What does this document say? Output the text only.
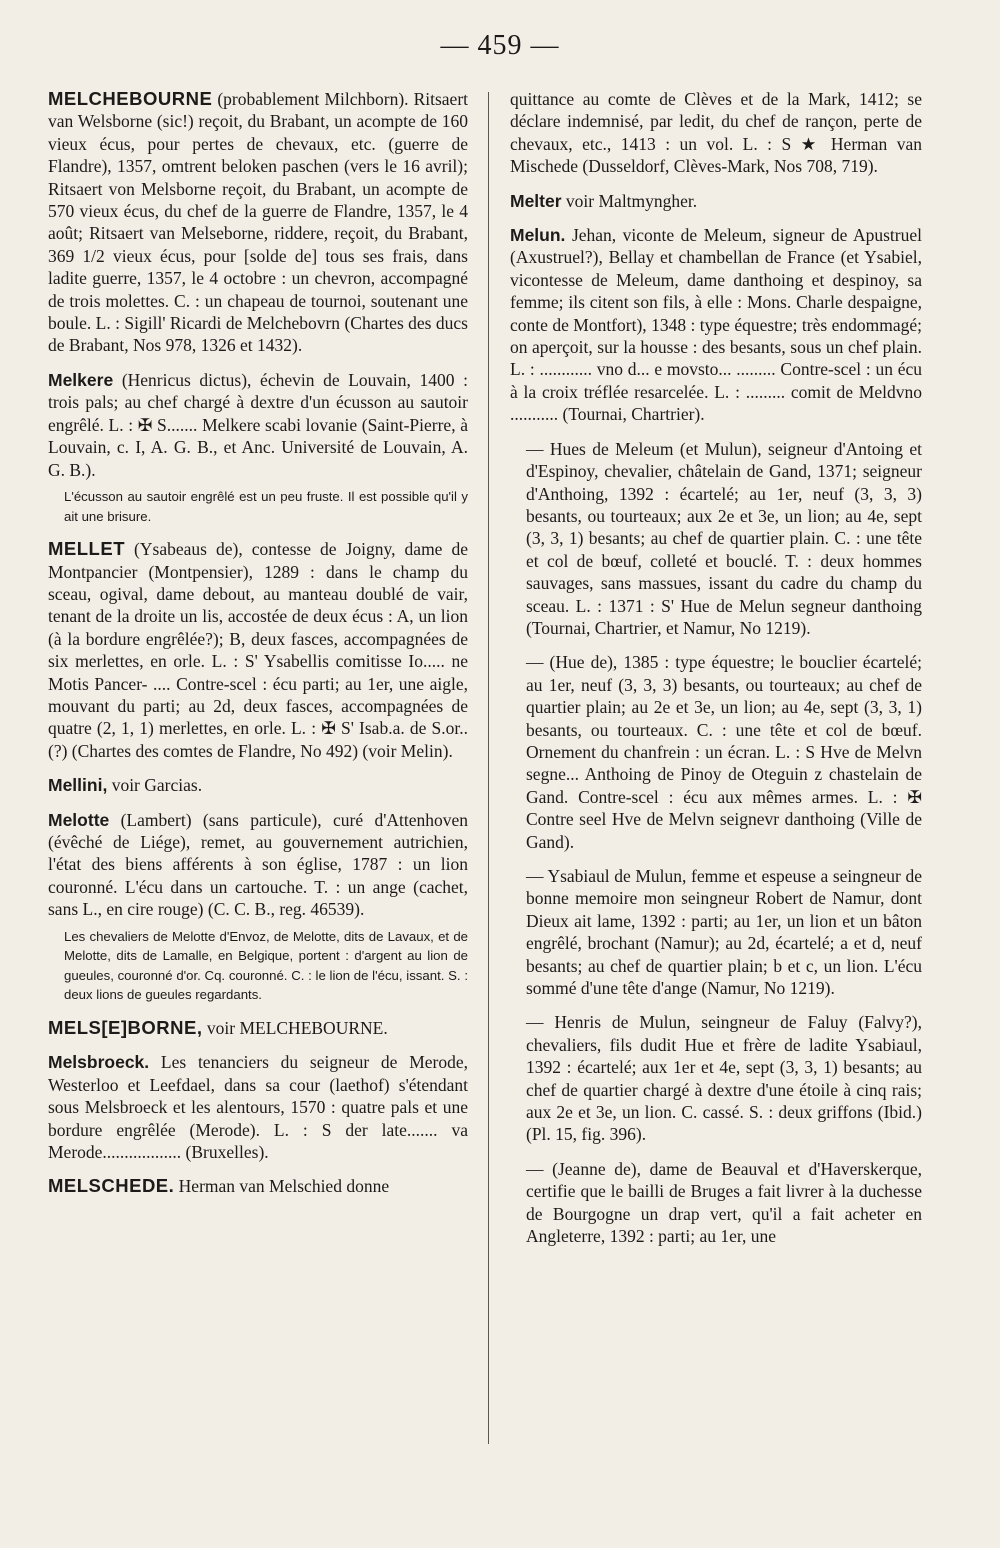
— 459 —

MELCHEBOURNE (probablement Milchborn). Ritsaert van Welsborne (sic!) reçoit, du Brabant, un acompte de 160 vieux écus, pour pertes de chevaux, etc. (guerre de Flandre), 1357, omtrent beloken paschen (vers le 16 avril); Ritsaert von Melsborne reçoit, du Brabant, un acompte de 570 vieux écus, du chef de la guerre de Flandre, 1357, le 4 août; Ritsaert van Melseborne, riddere, reçoit, du Brabant, 369 1/2 vieux écus, pour [solde de] tous ses frais, dans ladite guerre, 1357, le 4 octobre : un chevron, accompagné de trois molettes. C. : un chapeau de tournoi, soutenant une boule. L. : Sigill' Ricardi de Melchebovrn (Chartes des ducs de Brabant, Nos 978, 1326 et 1432).

Melkere (Henricus dictus), échevin de Louvain, 1400 : trois pals; au chef chargé à dextre d'un écusson au sautoir engrêlé. L. : ✠ S....... Melkere scabi lovanie (Saint-Pierre, à Louvain, c. I, A. G. B., et Anc. Université de Louvain, A. G. B.).

L'écusson au sautoir engrêlé est un peu fruste. Il est possible qu'il y ait une brisure.

MELLET (Ysabeaus de), contesse de Joigny, dame de Montpancier (Montpensier), 1289 : dans le champ du sceau, ogival, dame debout, au manteau doublé de vair, tenant de la droite un lis, accostée de deux écus : A, un lion (à la bordure engrêlée?); B, deux fasces, accompagnées de six merlettes, en orle. L. : S' Ysabellis comitisse Io..... ne Motis Pancer- .... Contre-scel : écu parti; au 1er, une aigle, mouvant du parti; au 2d, deux fasces, accompagnées de quatre (2, 1, 1) merlettes, en orle. L. : ✠ S' Isab.a. de S.or.. (?) (Chartes des comtes de Flandre, No 492) (voir Melin).

Mellini, voir Garcias.

Melotte (Lambert) (sans particule), curé d'Attenhoven (évêché de Liége), remet, au gouvernement autrichien, l'état des biens afférents à son église, 1787 : un lion couronné. L'écu dans un cartouche. T. : un ange (cachet, sans L., en cire rouge) (C. C. B., reg. 46539).

Les chevaliers de Melotte d'Envoz, de Melotte, dits de Lavaux, et de Melotte, dits de Lamalle, en Belgique, portent : d'argent au lion de gueules, couronné d'or. Cq. couronné. C. : le lion de l'écu, issant. S. : deux lions de gueules regardants.

MELS[E]BORNE, voir MELCHEBOURNE.

Melsbroeck. Les tenanciers du seigneur de Merode, Westerloo et Leefdael, dans sa cour (laethof) s'étendant sous Melsbroeck et les alentours, 1570 : quatre pals et une bordure engrêlée (Merode). L. : S der late....... va Merode.................. (Bruxelles).

MELSCHEDE. Herman van Melschied donne

quittance au comte de Clèves et de la Mark, 1412; se déclare indemnisé, par ledit, du chef de rançon, perte de chevaux, etc., 1413 : un vol. L. : S ★ Herman van Mischede (Dusseldorf, Clèves-Mark, Nos 708, 719).

Melter voir Maltmyngher.

Melun. Jehan, viconte de Meleum, signeur de Apustruel (Axustruel?), Bellay et chambellan de France (et Ysabiel, vicontesse de Meleum, dame danthoing et despinoy, sa femme; ils citent son fils, à elle : Mons. Charle despaigne, conte de Montfort), 1348 : type équestre; très endommagé; on aperçoit, sur la housse : des besants, sous un chef plain. L. : ............ vno d... e movsto... ......... Contre-scel : un écu à la croix tréflée resarcelée. L. : ......... comit de Meldvno ........... (Tournai, Chartrier).

— Hues de Meleum (et Mulun), seigneur d'Antoing et d'Espinoy, chevalier, châtelain de Gand, 1371; seigneur d'Anthoing, 1392 : écartelé; au 1er, neuf (3, 3, 3) besants, ou tourteaux; aux 2e et 3e, un lion; au 4e, sept (3, 3, 1) besants; au chef de quartier plain. C. : une tête et col de bœuf, colleté et bouclé. T. : deux hommes sauvages, sans massues, issant du cadre du champ du sceau. L. : 1371 : S' Hue de Melun segneur danthoing (Tournai, Chartrier, et Namur, No 1219).

— (Hue de), 1385 : type équestre; le bouclier écartelé; au 1er, neuf (3, 3, 3) besants, ou tourteaux; au chef de quartier plain; au 2e et 3e, un lion; au 4e, sept (3, 3, 1) besants, ou tourteaux. C. : une tête et col de bœuf. Ornement du chanfrein : un écran. L. : S Hve de Melvn segne... Anthoing de Pinoy de Oteguin z chastelain de Gand. Contre-scel : écu aux mêmes armes. L. : ✠ Contre seel Hve de Melvn seignevr danthoing (Ville de Gand).

— Ysabiaul de Mulun, femme et espeuse a seingneur de bonne memoire mon seingneur Robert de Namur, dont Dieux ait lame, 1392 : parti; au 1er, un lion et un bâton engrêlé, brochant (Namur); au 2d, écartelé; a et d, neuf besants; au chef de quartier plain; b et c, un lion. L'écu sommé d'une tête d'ange (Namur, No 1219).

— Henris de Mulun, seingneur de Faluy (Falvy?), chevaliers, fils dudit Hue et frère de ladite Ysabiaul, 1392 : écartelé; aux 1er et 4e, sept (3, 3, 1) besants; au chef de quartier chargé à dextre d'une étoile à cinq rais; aux 2e et 3e, un lion. C. cassé. S. : deux griffons (Ibid.) (Pl. 15, fig. 396).

— (Jeanne de), dame de Beauval et d'Haverskerque, certifie que le bailli de Bruges a fait livrer à la duchesse de Bourgogne un drap vert, qu'il a fait acheter en Angleterre, 1392 : parti; au 1er, une
